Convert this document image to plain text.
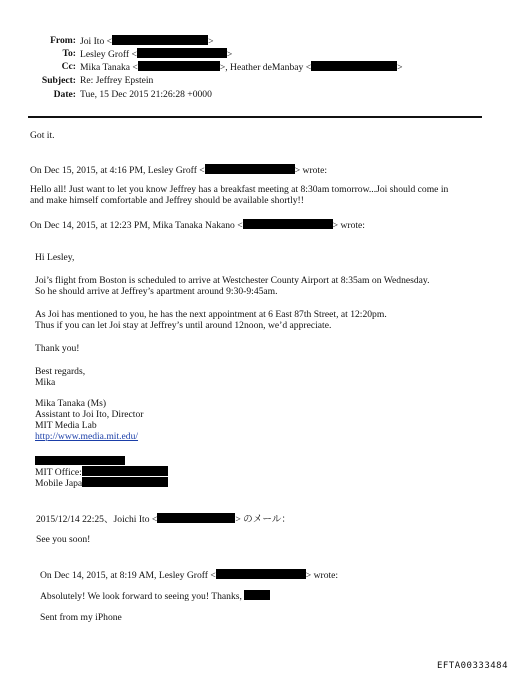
From: Joi Ito <	>
To: Lesley Groff <	>
Cc: Mika Tanaka <	>, Heather deManbay <	>
Subject: Re: Jeffrey Epstein
Date: Tue, 15 Dec 2015 21:26:28 +0000
Got it.
On Dec 15, 2015, at 4:16 PM, Lesley Groff <	> wrote:
Hello all! Just want to let you know Jeffrey has a breakfast meeting at 8:30am tomorrow...Joi should come in
and make himself comfortable and Jeffrey should be available shortly!!
On Dec 14, 2015, at 12:23 PM, Mika Tanaka Nakano <	> wrote:
Hi Lesley,
Joi’s flight from Boston is scheduled to arrive at Westchester County Airport at 8:35am on Wednesday.
So he should arrive at Jeffrey’s apartment around 9:30-9:45am.
As Joi has mentioned to you, he has the next appointment at 6 East 87th Street, at 12:20pm.
Thus if you can let Joi stay at Jeffrey’s until around 12noon, we’d appreciate.
Thank you!
Best regards,
Mika
Mika Tanaka (Ms)
Assistant to Joi Ito, Director
MIT Media Lab
http://www.media.mit.edu/
MIT Office:
Mobile Japa
2015/12/14 22:25、Joichi Ito <	> のメール：
See you soon!
On Dec 14, 2015, at 8:19 AM, Lesley Groff <	> wrote:
Absolutely! We look forward to seeing you! Thanks,
Sent from my iPhone
EFTA00333484
